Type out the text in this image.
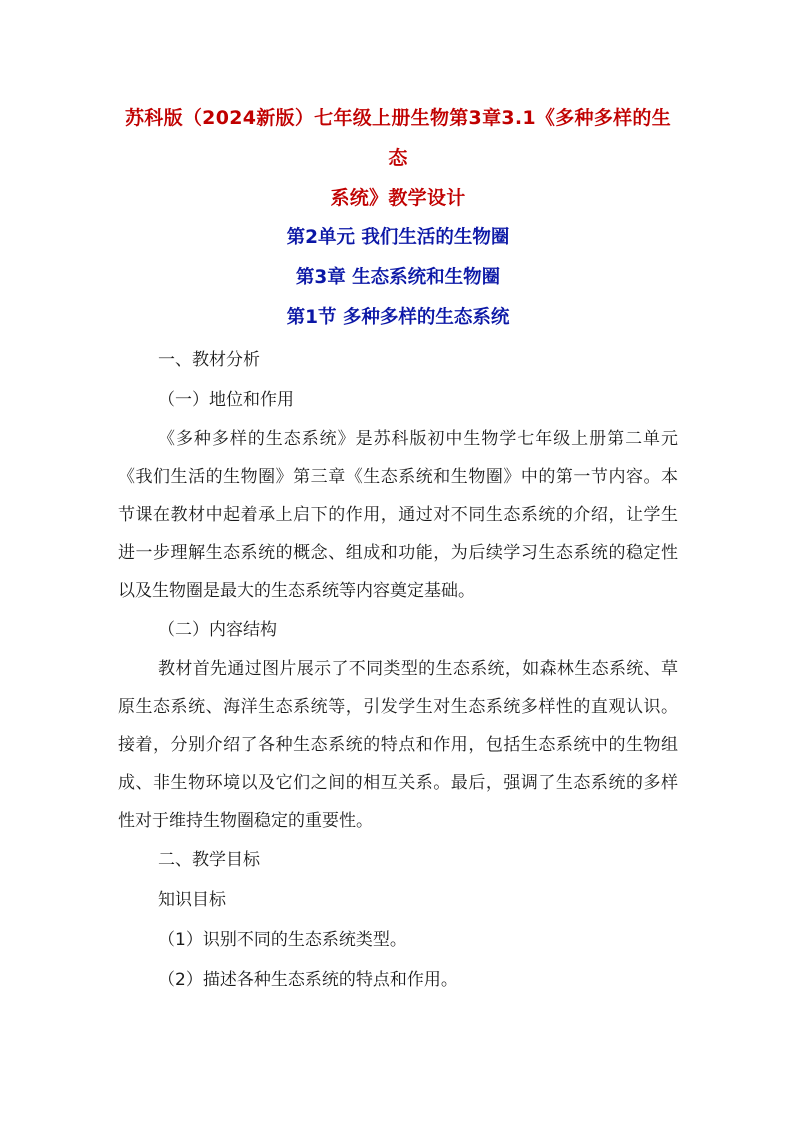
苏科版（2024新版）七年级上册生物第3章3.1《多种多样的生态

系统》教学设计

第2单元 我们生活的生物圈

第3章 生态系统和生物圈

第1节 多种多样的生态系统

一、教材分析

（一）地位和作用

《多种多样的生态系统》是苏科版初中生物学七年级上册第二单元《我们生活的生物圈》第三章《生态系统和生物圈》中的第一节内容。本节课在教材中起着承上启下的作用，通过对不同生态系统的介绍，让学生进一步理解生态系统的概念、组成和功能，为后续学习生态系统的稳定性以及生物圈是最大的生态系统等内容奠定基础。

（二）内容结构

教材首先通过图片展示了不同类型的生态系统，如森林生态系统、草原生态系统、海洋生态系统等，引发学生对生态系统多样性的直观认识。接着，分别介绍了各种生态系统的特点和作用，包括生态系统中的生物组成、非生物环境以及它们之间的相互关系。最后，强调了生态系统的多样性对于维持生物圈稳定的重要性。

二、教学目标

知识目标

（1）识别不同的生态系统类型。

（2）描述各种生态系统的特点和作用。
